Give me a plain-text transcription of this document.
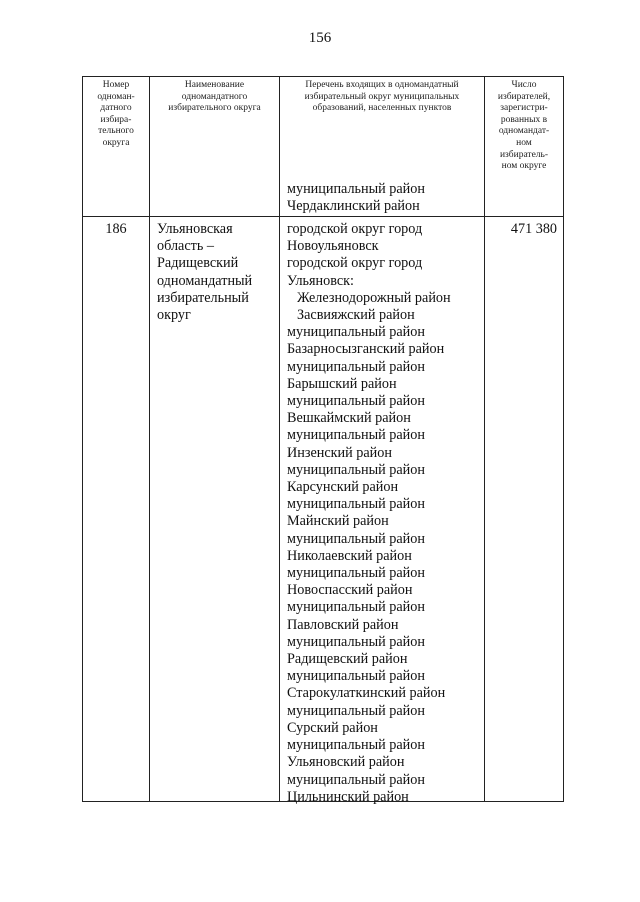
156
Номер
одноман-
датного
избира-
тельного
округа
Наименование
одномандатного
избирательного округа
Перечень входящих в одномандатный
избирательный округ муниципальных
образований, населенных пунктов
Число
избирателей,
зарегистри-
рованных в
одномандат-
ном
избиратель-
ном округе
муниципальный район
Чердаклинский район
186	Ульяновская
область –
Радищевский
одномандатный
избирательный
округ
городской округ город
Новоульяновск
городской округ город
Ульяновск:
Железнодорожный район
Засвияжский район
муниципальный район
Базарносызганский район
муниципальный район
Барышский район
муниципальный район
Вешкаймский район
муниципальный район
Инзенский район
муниципальный район
Карсунский район
муниципальный район
Майнский район
муниципальный район
Николаевский район
муниципальный район
Новоспасский район
муниципальный район
Павловский район
муниципальный район
Радищевский район
муниципальный район
Старокулаткинский район
муниципальный район
Сурский район
муниципальный район
Ульяновский район
муниципальный район
Цильнинский район
471 380
